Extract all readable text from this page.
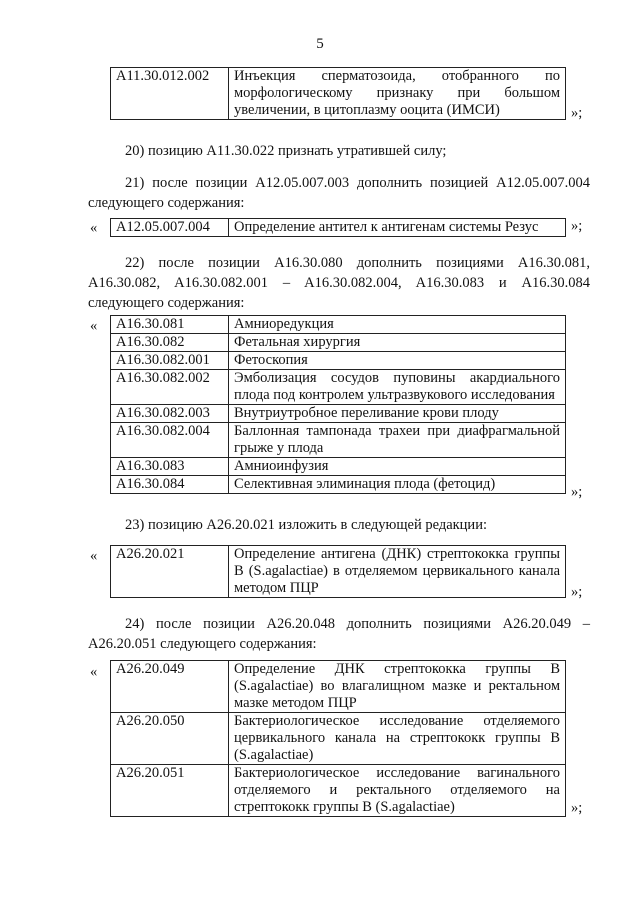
5
A11.30.012.002	Инъекция сперматозоида, отобранного по морфологическому признаку при большом увеличении, в цитоплазму ооцита (ИМСИ)	»;
20) позицию A11.30.022 признать утратившей силу;
21) после позиции A12.05.007.003 дополнить позицией A12.05.007.004 следующего содержания:
« A12.05.007.004	Определение антител к антигенам системы Резус »;
22) после позиции A16.30.080 дополнить позициями A16.30.081, A16.30.082, A16.30.082.001 – A16.30.082.004, A16.30.083 и A16.30.084 следующего содержания:
« A16.30.081	Амниоредукция
A16.30.082	Фетальная хирургия
A16.30.082.001	Фетоскопия
A16.30.082.002	Эмболизация сосудов пуповины акардиального плода под контролем ультразвукового исследования
A16.30.082.003	Внутриутробное переливание крови плоду
A16.30.082.004	Баллонная тампонада трахеи при диафрагмальной грыже у плода
A16.30.083	Амниоинфузия
A16.30.084	Селективная элиминация плода (фетоцид)	»;
23) позицию A26.20.021 изложить в следующей редакции:
« A26.20.021	Определение антигена (ДНК) стрептококка группы B (S.agalactiae) в отделяемом цервикального канала методом ПЦР	»;
24) после позиции A26.20.048 дополнить позициями A26.20.049 – A26.20.051 следующего содержания:
« A26.20.049	Определение ДНК стрептококка группы B (S.agalactiae) во влагалищном мазке и ректальном мазке методом ПЦР
A26.20.050	Бактериологическое исследование отделяемого цервикального канала на стрептококк группы B (S.agalactiae)
A26.20.051	Бактериологическое исследование вагинального отделяемого и ректального отделяемого на стрептококк группы B (S.agalactiae)	»;
